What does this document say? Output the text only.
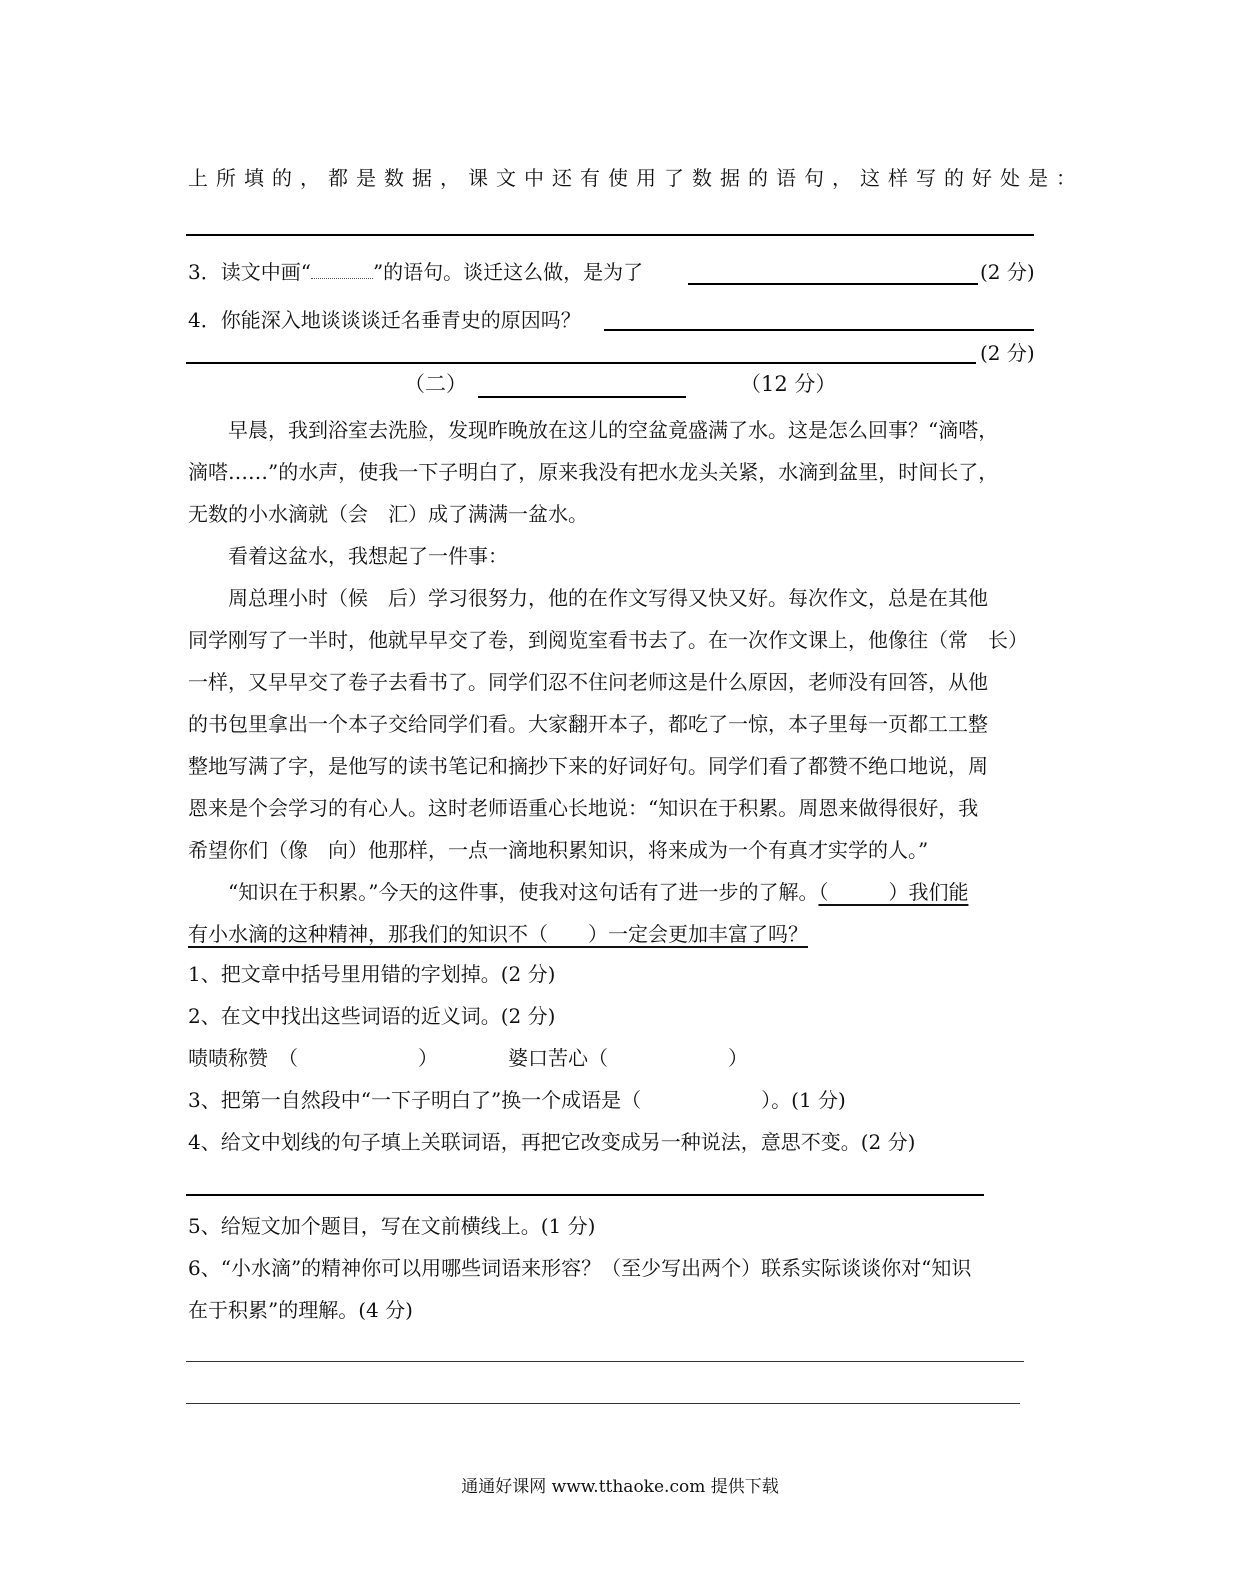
上所填的，都是数据，课文中还有使用了数据的语句，这样写的好处是：
3．读文中画“	”的语句。谈迁这么做，是为了	(2 分)
4．你能深入地谈谈谈迁名垂青史的原因吗？
(2 分)
（二）	（12 分）
早晨，我到浴室去洗脸，发现昨晚放在这儿的空盆竟盛满了水。这是怎么回事？“滴嗒，
滴嗒……”的水声，使我一下子明白了，原来我没有把水龙头关紧，水滴到盆里，时间长了，
无数的小水滴就（会　汇）成了满满一盆水。
看着这盆水，我想起了一件事：
周总理小时（候　后）学习很努力，他的在作文写得又快又好。每次作文，总是在其他
同学刚写了一半时，他就早早交了卷，到阅览室看书去了。在一次作文课上，他像往（常　长）
一样，又早早交了卷子去看书了。同学们忍不住问老师这是什么原因，老师没有回答，从他
的书包里拿出一个本子交给同学们看。大家翻开本子，都吃了一惊，本子里每一页都工工整
整地写满了字，是他写的读书笔记和摘抄下来的好词好句。同学们看了都赞不绝口地说，周
恩来是个会学习的有心人。这时老师语重心长地说：“知识在于积累。周恩来做得很好，我
希望你们（像　向）他那样，一点一滴地积累知识，将来成为一个有真才实学的人。”
“知识在于积累。”今天的这件事，使我对这句话有了进一步的了解。（　　　）我们能
有小水滴的这种精神，那我们的知识不（　　）一定会更加丰富了吗？
1、把文章中括号里用错的字划掉。(2 分)
2、在文中找出这些词语的近义词。(2 分)
啧啧称赞　（　　　　　　）	婆口苦心（　　　　　　）
3、把第一自然段中“一下子明白了”换一个成语是（　　　　　　）。(1 分)
4、给文中划线的句子填上关联词语，再把它改变成另一种说法，意思不变。(2 分)
5、给短文加个题目，写在文前横线上。(1 分)
6、“小水滴”的精神你可以用哪些词语来形容？（至少写出两个）联系实际谈谈你对“知识
在于积累”的理解。(4 分)
通通好课网 www.tthaoke.com 提供下载
